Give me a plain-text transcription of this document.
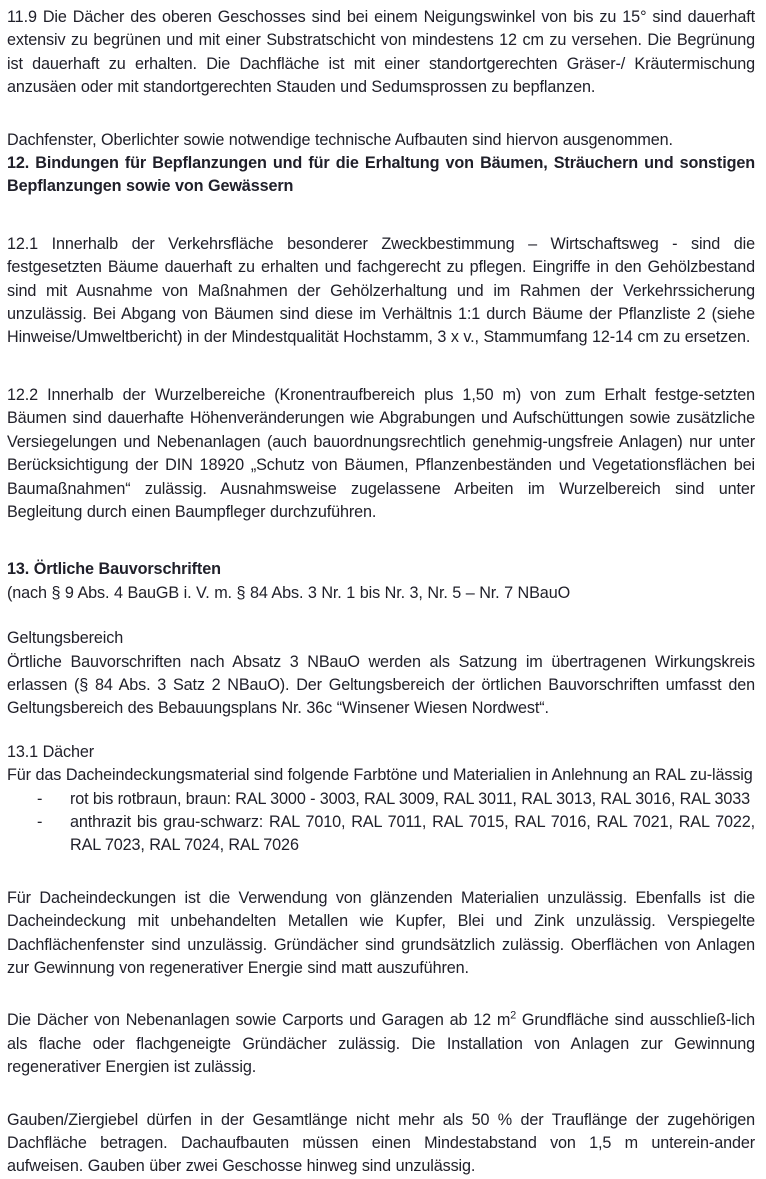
11.9 Die Dächer des oberen Geschosses sind bei einem Neigungswinkel von bis zu 15° sind dauerhaft extensiv zu begrünen und mit einer Substratschicht von mindestens 12 cm zu versehen. Die Begrünung ist dauerhaft zu erhalten. Die Dachfläche ist mit einer standortgerechten Gräser-/ Kräutermischung anzusäen oder mit standortgerechten Stauden und Sedumsprossen zu bepflanzen.

Dachfenster, Oberlichter sowie notwendige technische Aufbauten sind hiervon ausgenommen.

12. Bindungen für Bepflanzungen und für die Erhaltung von Bäumen, Sträuchern und sonstigen Bepflanzungen sowie von Gewässern

12.1 Innerhalb der Verkehrsfläche besonderer Zweckbestimmung – Wirtschaftsweg - sind die festgesetzten Bäume dauerhaft zu erhalten und fachgerecht zu pflegen. Eingriffe in den Gehölzbestand sind mit Ausnahme von Maßnahmen der Gehölzerhaltung und im Rahmen der Verkehrssicherung unzulässig. Bei Abgang von Bäumen sind diese im Verhältnis 1:1 durch Bäume der Pflanzliste 2 (siehe Hinweise/Umweltbericht) in der Mindestqualität Hochstamm, 3 x v., Stammumfang 12-14 cm zu ersetzen.

12.2 Innerhalb der Wurzelbereiche (Kronentraufbereich plus 1,50 m) von zum Erhalt festge-setzten Bäumen sind dauerhafte Höhenveränderungen wie Abgrabungen und Aufschüttungen sowie zusätzliche Versiegelungen und Nebenanlagen (auch bauordnungsrechtlich genehmig-ungsfreie Anlagen) nur unter Berücksichtigung der DIN 18920 „Schutz von Bäumen, Pflanzenbeständen und Vegetationsflächen bei Baumaßnahmen“ zulässig. Ausnahmsweise zugelassene Arbeiten im Wurzelbereich sind unter Begleitung durch einen Baumpfleger durchzuführen.

13. Örtliche Bauvorschriften

(nach § 9 Abs. 4 BauGB i. V. m. § 84 Abs. 3 Nr. 1 bis Nr. 3, Nr. 5 – Nr. 7 NBauO

Geltungsbereich

Örtliche Bauvorschriften nach Absatz 3 NBauO werden als Satzung im übertragenen Wirkungskreis erlassen (§ 84 Abs. 3 Satz 2 NBauO). Der Geltungsbereich der örtlichen Bauvorschriften umfasst den Geltungsbereich des Bebauungsplans Nr. 36c “Winsener Wiesen Nordwest“.

13.1 Dächer

Für das Dacheindeckungsmaterial sind folgende Farbtöne und Materialien in Anlehnung an RAL zu-lässig

-	rot bis rotbraun, braun: RAL 3000 - 3003, RAL 3009, RAL 3011, RAL 3013, RAL 3016, RAL 3033
-	anthrazit bis grau-schwarz: RAL 7010, RAL 7011, RAL 7015, RAL 7016, RAL 7021, RAL 7022, RAL 7023, RAL 7024, RAL 7026

Für Dacheindeckungen ist die Verwendung von glänzenden Materialien unzulässig. Ebenfalls ist die Dacheindeckung mit unbehandelten Metallen wie Kupfer, Blei und Zink unzulässig. Verspiegelte Dachflächenfenster sind unzulässig. Gründächer sind grundsätzlich zulässig. Oberflächen von Anlagen zur Gewinnung von regenerativer Energie sind matt auszuführen.

Die Dächer von Nebenanlagen sowie Carports und Garagen ab 12 $m^2$ Grundfläche sind ausschließ-lich als flache oder flachgeneigte Gründächer zulässig. Die Installation von Anlagen zur Gewinnung regenerativer Energien ist zulässig.

Gauben/Ziergiebel dürfen in der Gesamtlänge nicht mehr als 50 % der Trauflänge der zugehörigen Dachfläche betragen. Dachaufbauten müssen einen Mindestabstand von 1,5 m unterein-ander aufweisen. Gauben über zwei Geschosse hinweg sind unzulässig.
